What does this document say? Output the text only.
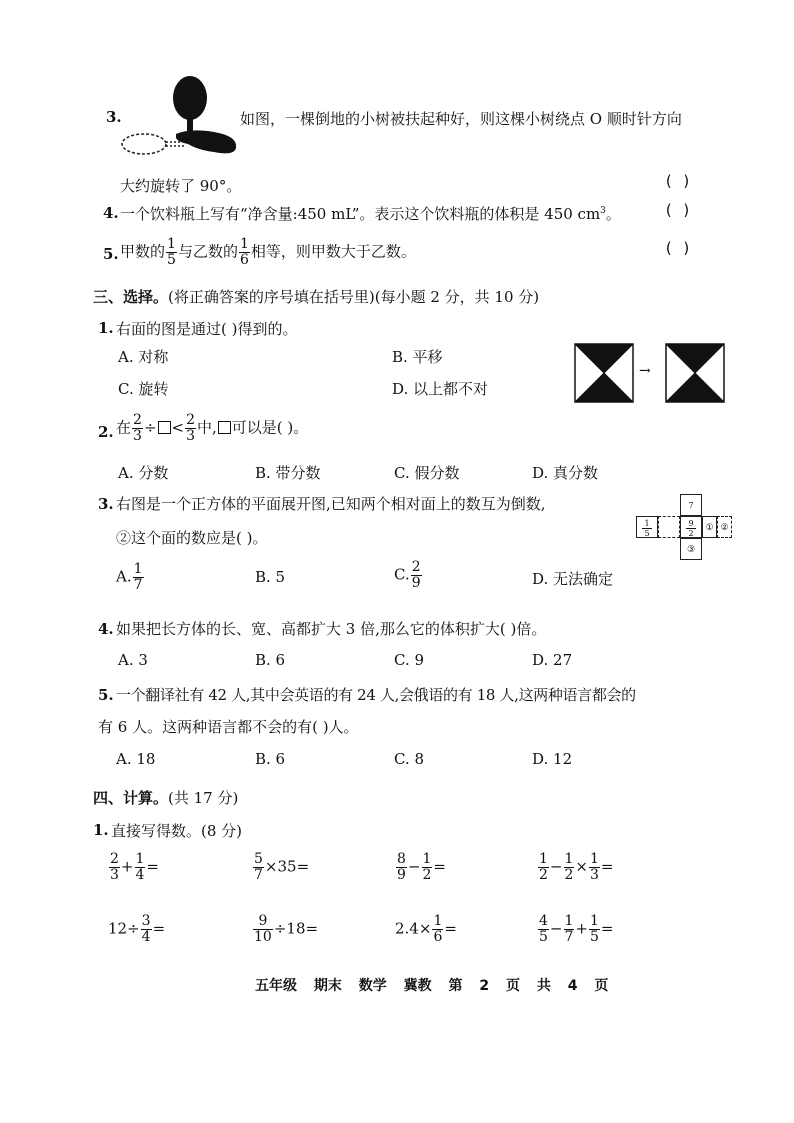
3.	如图，一棵倒地的小树被扶起种好，则这棵小树绕点 O 顺时针方向
大约旋转了 90°。	( )
4. 一个饮料瓶上写有“净含量:450 mL”。表示这个饮料瓶的体积是 450 $cm^3$。	( )
5. 甲数的 $\frac{1}{5}$ 与乙数的 $\frac{1}{6}$ 相等，则甲数大于乙数。	( )
三、选择。(将正确答案的序号填在括号里)(每小题 2 分，共 10 分)
1. 右面的图是通过( )得到的。
A. 对称	B. 平移
C. 旋转	D. 以上都不对
→
2. 在 $\frac{2}{3}$ ÷ < $\frac{2}{3}$ 中, 可以是( )。
A. 分数	B. 带分数	C. 假分数	D. 真分数
3. 右图是一个正方体的平面展开图,已知两个相对面上的数互为倒数,
②这个面的数应是( )。
7
$\frac{1}{5}$	$\frac{9}{2}$ ① ②
③
A. $\frac{1}{7}$	B. 5	C. $\frac{2}{9}$	D. 无法确定
4. 如果把长方体的长、宽、高都扩大 3 倍,那么它的体积扩大( )倍。
A. 3	B. 6	C. 9	D. 27
5. 一个翻译社有 42 人,其中会英语的有 24 人,会俄语的有 18 人,这两种语言都会的
有 6 人。这两种语言都不会的有( )人。
A. 18	B. 6	C. 8	D. 12
四、计算。(共 17 分)
1. 直接写得数。(8 分)
$\frac{2}{3} + \frac{1}{4}$ =	$\frac{5}{7} \times 35=$	$\frac{8}{9} - \frac{1}{2}$ =	$\frac{1}{2} - \frac{1}{2} \times \frac{1}{3}$ =
$12\div \frac{3}{4}$ =	$\frac{9}{10} \div 18=$	$2.4\times \frac{1}{6}$ =	$\frac{4}{5} - \frac{1}{7} + \frac{1}{5}$ =
五年级 期末 数学 冀教 第 2 页 共 4 页
